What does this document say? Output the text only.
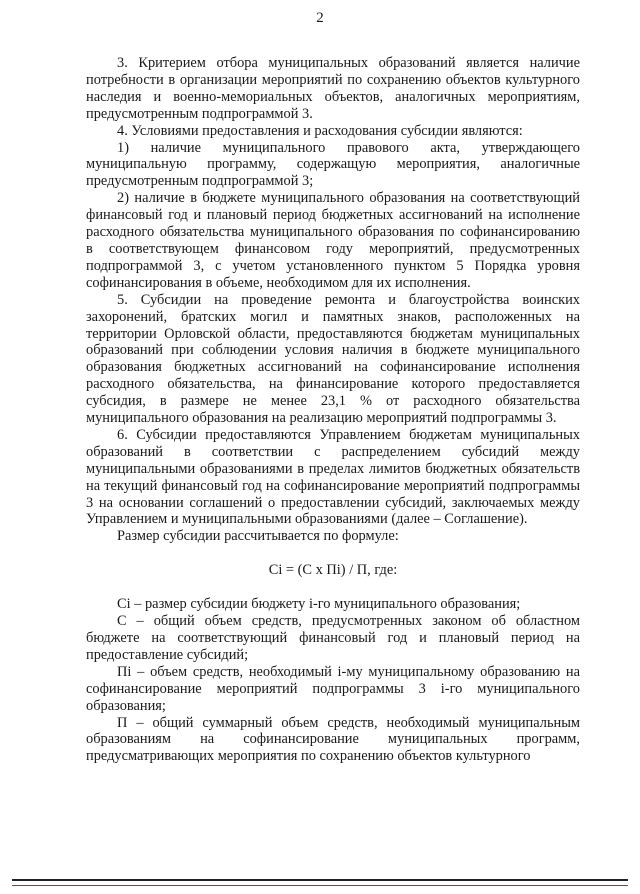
2

3. Критерием отбора муниципальных образований является наличие потребности в организации мероприятий по сохранению объектов культурного наследия и военно-мемориальных объектов, аналогичных мероприятиям, предусмотренным подпрограммой 3.

4. Условиями предоставления и расходования субсидии являются:

1) наличие муниципального правового акта, утверждающего муниципальную программу, содержащую мероприятия, аналогичные предусмотренным подпрограммой 3;

2) наличие в бюджете муниципального образования на соответствующий финансовый год и плановый период бюджетных ассигнований на исполнение расходного обязательства муниципального образования по софинансированию в соответствующем финансовом году мероприятий, предусмотренных подпрограммой 3, с учетом установленного пунктом 5 Порядка уровня софинансирования в объеме, необходимом для их исполнения.

5. Субсидии на проведение ремонта и благоустройства воинских захоронений, братских могил и памятных знаков, расположенных на территории Орловской области, предоставляются бюджетам муниципальных образований при соблюдении условия наличия в бюджете муниципального образования бюджетных ассигнований на софинансирование исполнения расходного обязательства, на финансирование которого предоставляется субсидия, в размере не менее 23,1 % от расходного обязательства муниципального образования на реализацию мероприятий подпрограммы 3.

6. Субсидии предоставляются Управлением бюджетам муниципальных образований в соответствии с распределением субсидий между муниципальными образованиями в пределах лимитов бюджетных обязательств на текущий финансовый год на софинансирование мероприятий подпрограммы 3 на основании соглашений о предоставлении субсидий, заключаемых между Управлением и муниципальными образованиями (далее – Соглашение).

Размер субсидии рассчитывается по формуле:

Ci = (C x Пi) / П, где:

Ci – размер субсидии бюджету i-го муниципального образования;

С – общий объем средств, предусмотренных законом об областном бюджете на соответствующий финансовый год и плановый период на предоставление субсидий;

Пi – объем средств, необходимый i-му муниципальному образованию на софинансирование мероприятий подпрограммы 3 i-го муниципального образования;

П – общий суммарный объем средств, необходимый муниципальным образованиям на софинансирование муниципальных программ, предусматривающих мероприятия по сохранению объектов культурного
